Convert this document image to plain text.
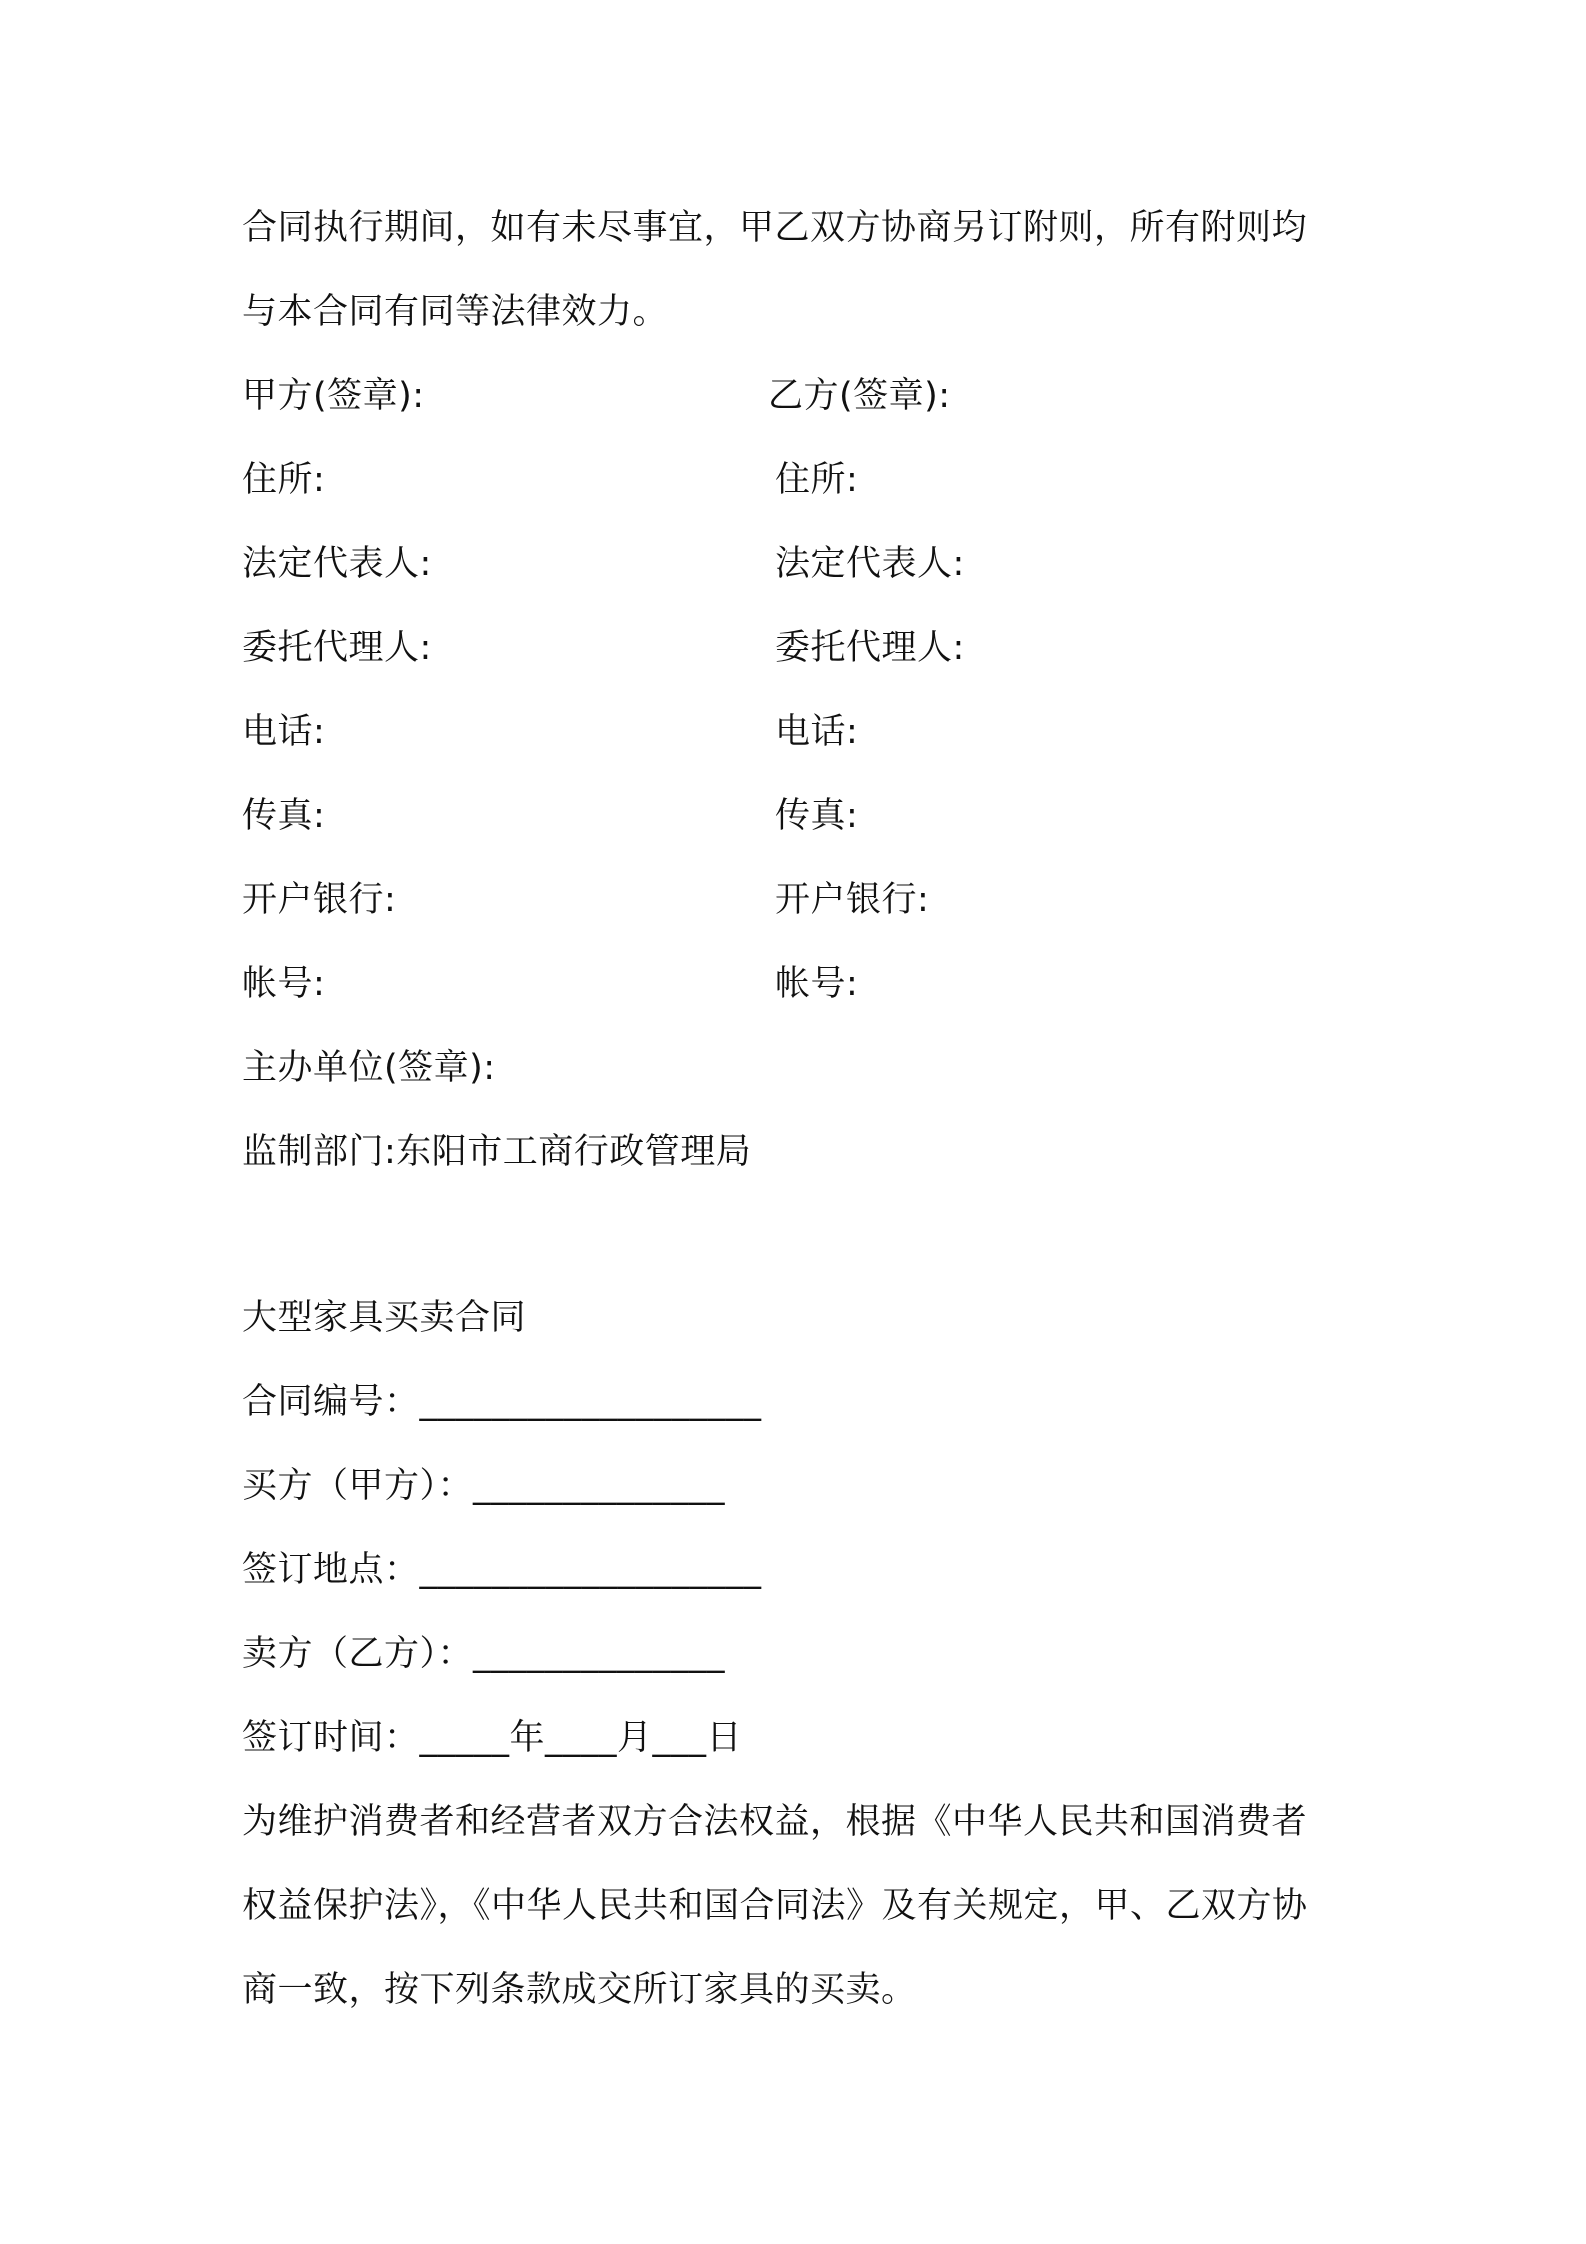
合同执行期间，如有未尽事宜，甲乙双方协商另订附则，所有附则均
与本合同有同等法律效力。
甲方(签章):	乙方(签章):
住所:	住所:
法定代表人:	法定代表人:
委托代理人:	委托代理人:
电话:	电话:
传真:	传真:
开户银行:	开户银行:
帐号:	帐号:
主办单位(签章):
监制部门:东阳市工商行政管理局
大型家具买卖合同
合同编号：___________________
买方（甲方）：______________
签订地点：___________________
卖方（乙方）：______________
签订时间：_____年____月___日
为维护消费者和经营者双方合法权益，根据《中华人民共和国消费者
权益保护法》，《中华人民共和国合同法》及有关规定，甲、乙双方协
商一致，按下列条款成交所订家具的买卖。
